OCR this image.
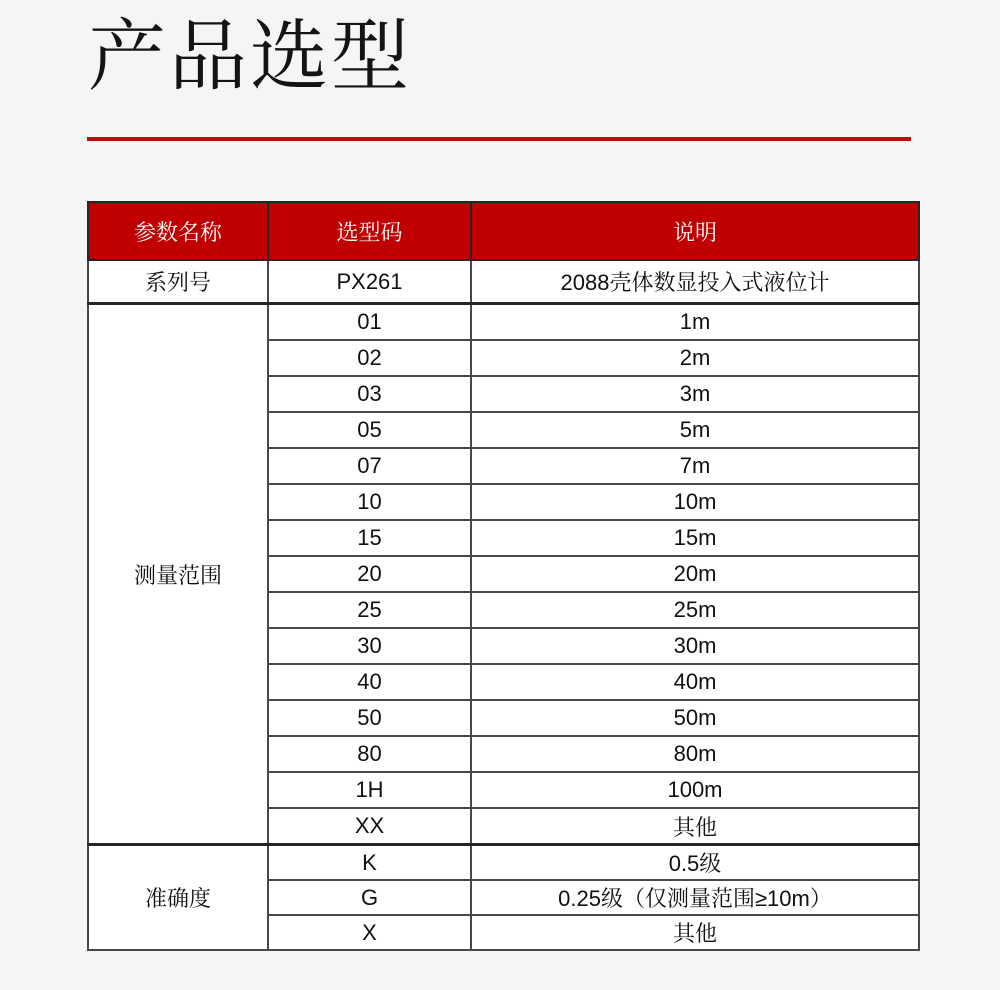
产品选型
参数名称	选型码	说明
系列号	PX261	2088壳体数显投入式液位计
测量范围	01	1m
	02	2m
	03	3m
	05	5m
	07	7m
	10	10m
	15	15m
	20	20m
	25	25m
	30	30m
	40	40m
	50	50m
	80	80m
	1H	100m
	XX	其他
准确度	K	0.5级
	G	0.25级（仅测量范围≥10m）
	X	其他
